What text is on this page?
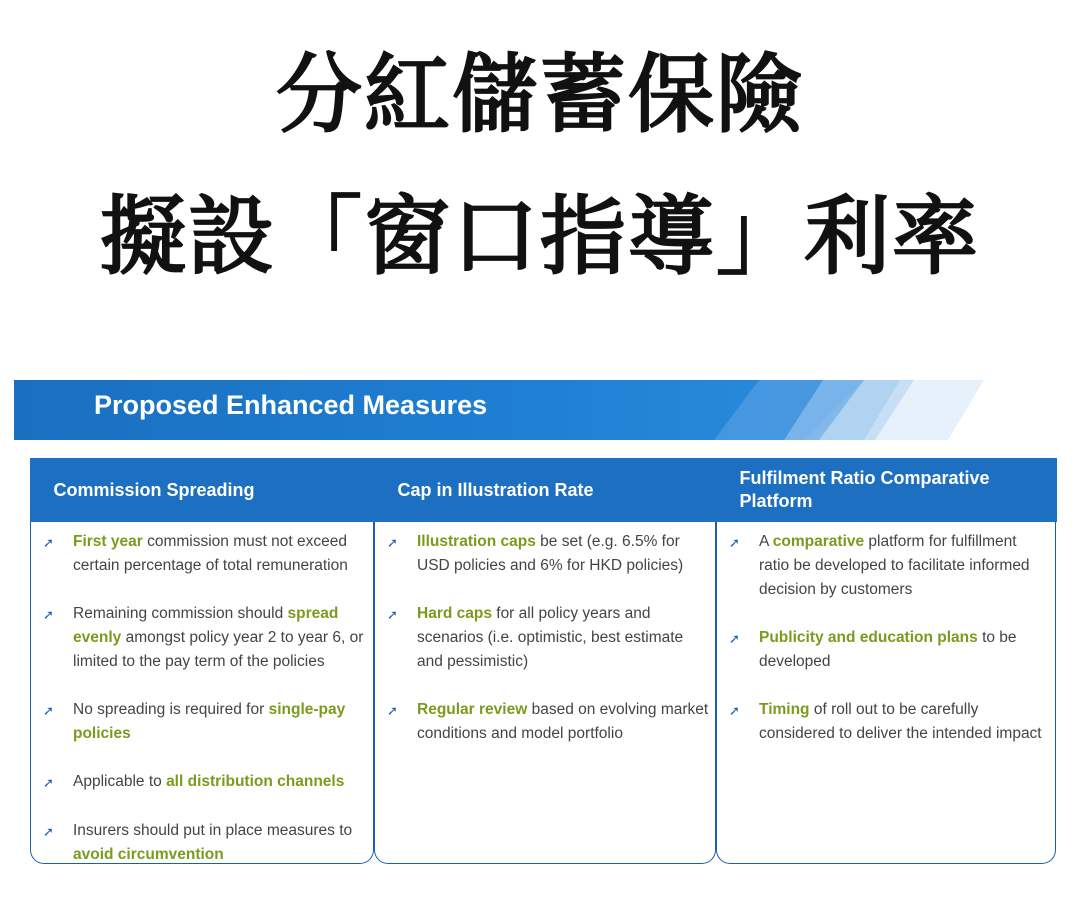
分紅儲蓄保險
擬設「窗口指導」利率
Proposed Enhanced Measures
Commission Spreading
➚	First year commission must not exceed certain percentage of total remuneration
➚	Remaining commission should spread evenly amongst policy year 2 to year 6, or limited to the pay term of the policies
➚	No spreading is required for single-pay policies
➚	Applicable to all distribution channels
➚	Insurers should put in place measures to avoid circumvention
Cap in Illustration Rate
➚	Illustration caps be set (e.g. 6.5% for USD policies and 6% for HKD policies)
➚	Hard caps for all policy years and scenarios (i.e. optimistic, best estimate and pessimistic)
➚	Regular review based on evolving market conditions and model portfolio
Fulfilment Ratio Comparative Platform
➚	A comparative platform for fulfillment ratio be developed to facilitate informed decision by customers
➚	Publicity and education plans to be developed
➚	Timing of roll out to be carefully considered to deliver the intended impact
